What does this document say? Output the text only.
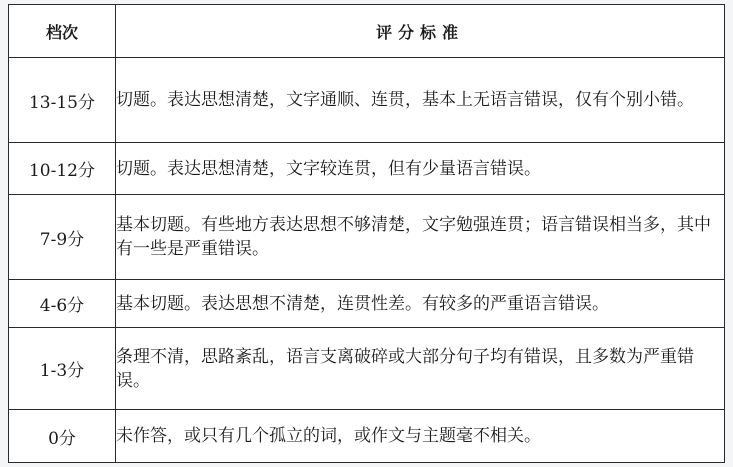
档次	评分标准
13-15分	切题。表达思想清楚，文字通顺、连贯，基本上无语言错误，仅有个别小错。
10-12分	切题。表达思想清楚，文字较连贯，但有少量语言错误。
7-9分	基本切题。有些地方表达思想不够清楚，文字勉强连贯；语言错误相当多，其中有一些是严重错误。
4-6分	基本切题。表达思想不清楚，连贯性差。有较多的严重语言错误。
1-3分	条理不清，思路紊乱，语言支离破碎或大部分句子均有错误，且多数为严重错误。
0分	未作答，或只有几个孤立的词，或作文与主题毫不相关。
